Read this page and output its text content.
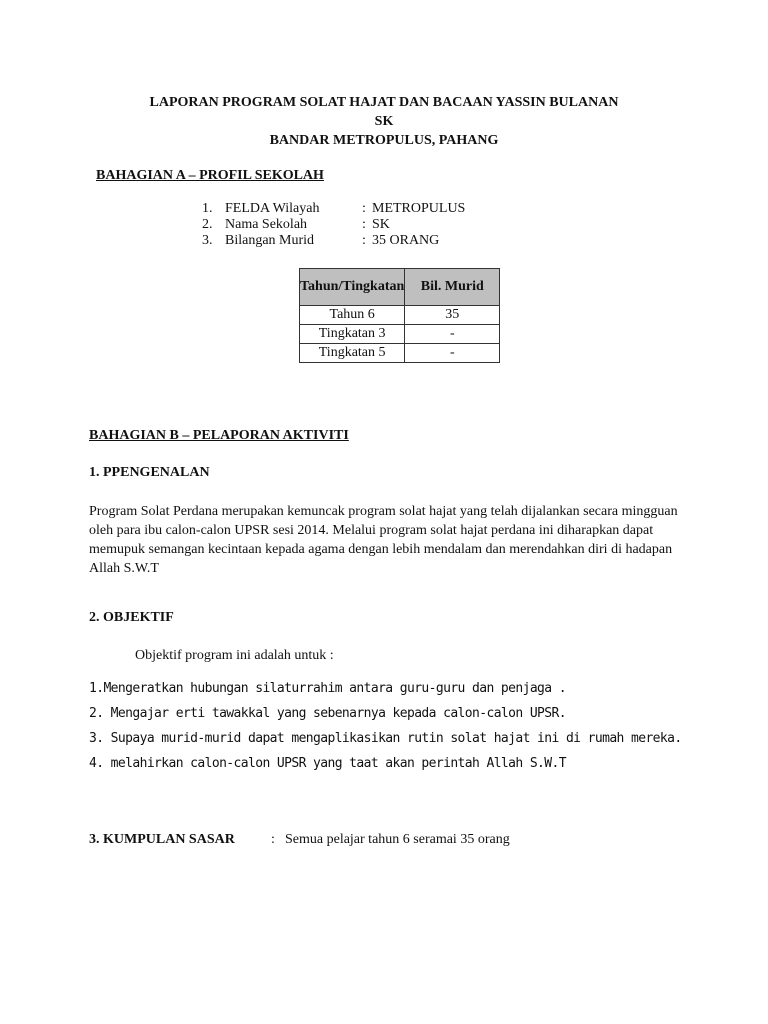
LAPORAN PROGRAM SOLAT HAJAT DAN BACAAN YASSIN BULANAN
SK
BANDAR METROPULUS, PAHANG
BAHAGIAN A – PROFIL SEKOLAH
1. FELDA Wilayah	: METROPULUS
2. Nama Sekolah	: SK
3. Bilangan Murid	: 35 ORANG
Tahun/Tingkatan	Bil. Murid
Tahun 6	35
Tingkatan 3	-
Tingkatan 5	-
BAHAGIAN B – PELAPORAN AKTIVITI
1. PPENGENALAN
Program Solat Perdana merupakan kemuncak program solat hajat yang telah dijalankan secara mingguan oleh para ibu calon-calon UPSR sesi 2014. Melalui program solat hajat perdana ini diharapkan dapat memupuk semangan kecintaan kepada agama dengan lebih mendalam dan merendahkan diri di hadapan Allah S.W.T
2. OBJEKTIF
Objektif program ini adalah untuk :
1.Mengeratkan hubungan silaturrahim antara guru-guru dan penjaga .
2. Mengajar erti tawakkal yang sebenarnya kepada calon-calon UPSR.
3. Supaya murid-murid dapat mengaplikasikan rutin solat hajat ini di rumah mereka.
4. melahirkan calon-calon UPSR yang taat akan perintah Allah S.W.T
3. KUMPULAN SASAR	: Semua pelajar tahun 6 seramai 35 orang
